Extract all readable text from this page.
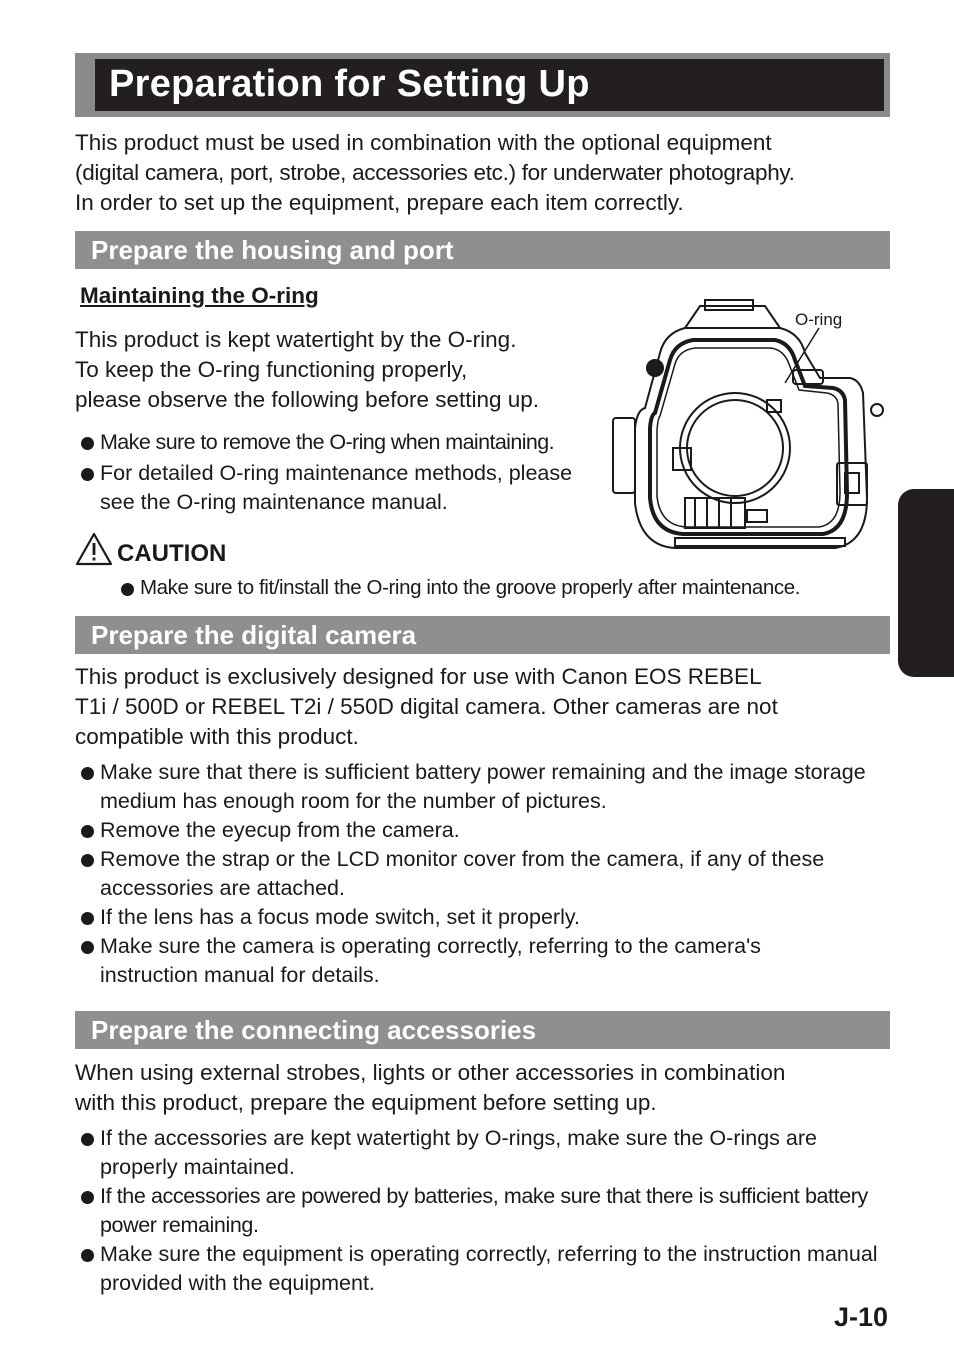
Preparation for Setting Up
This product must be used in combination with the optional equipment
(digital camera, port, strobe, accessories etc.) for underwater photography.
In order to set up the equipment, prepare each item correctly.
Prepare the housing and port
Maintaining the O-ring
This product is kept watertight by the O-ring.
To keep the O-ring functioning properly,
please observe the following before setting up.
Make sure to remove the O-ring when maintaining.
For detailed O-ring maintenance methods, please see the O-ring maintenance manual.
O-ring
CAUTION
Make sure to fit/install the O-ring into the groove properly after maintenance.
Prepare the digital camera
This product is exclusively designed for use with Canon EOS REBEL
T1i / 500D or REBEL T2i / 550D digital camera. Other cameras are not
compatible with this product.
Make sure that there is sufficient battery power remaining and the image storage medium has enough room for the number of pictures.
Remove the eyecup from the camera.
Remove the strap or the LCD monitor cover from the camera, if any of these accessories are attached.
If the lens has a focus mode switch, set it properly.
Make sure the camera is operating correctly, referring to the camera's instruction manual for details.
Prepare the connecting accessories
When using external strobes, lights or other accessories in combination
with this product, prepare the equipment before setting up.
If the accessories are kept watertight by O-rings, make sure the O-rings are properly maintained.
If the accessories are powered by batteries, make sure that there is sufficient battery power remaining.
Make sure the equipment is operating correctly, referring to the instruction manual provided with the equipment.
J-10
